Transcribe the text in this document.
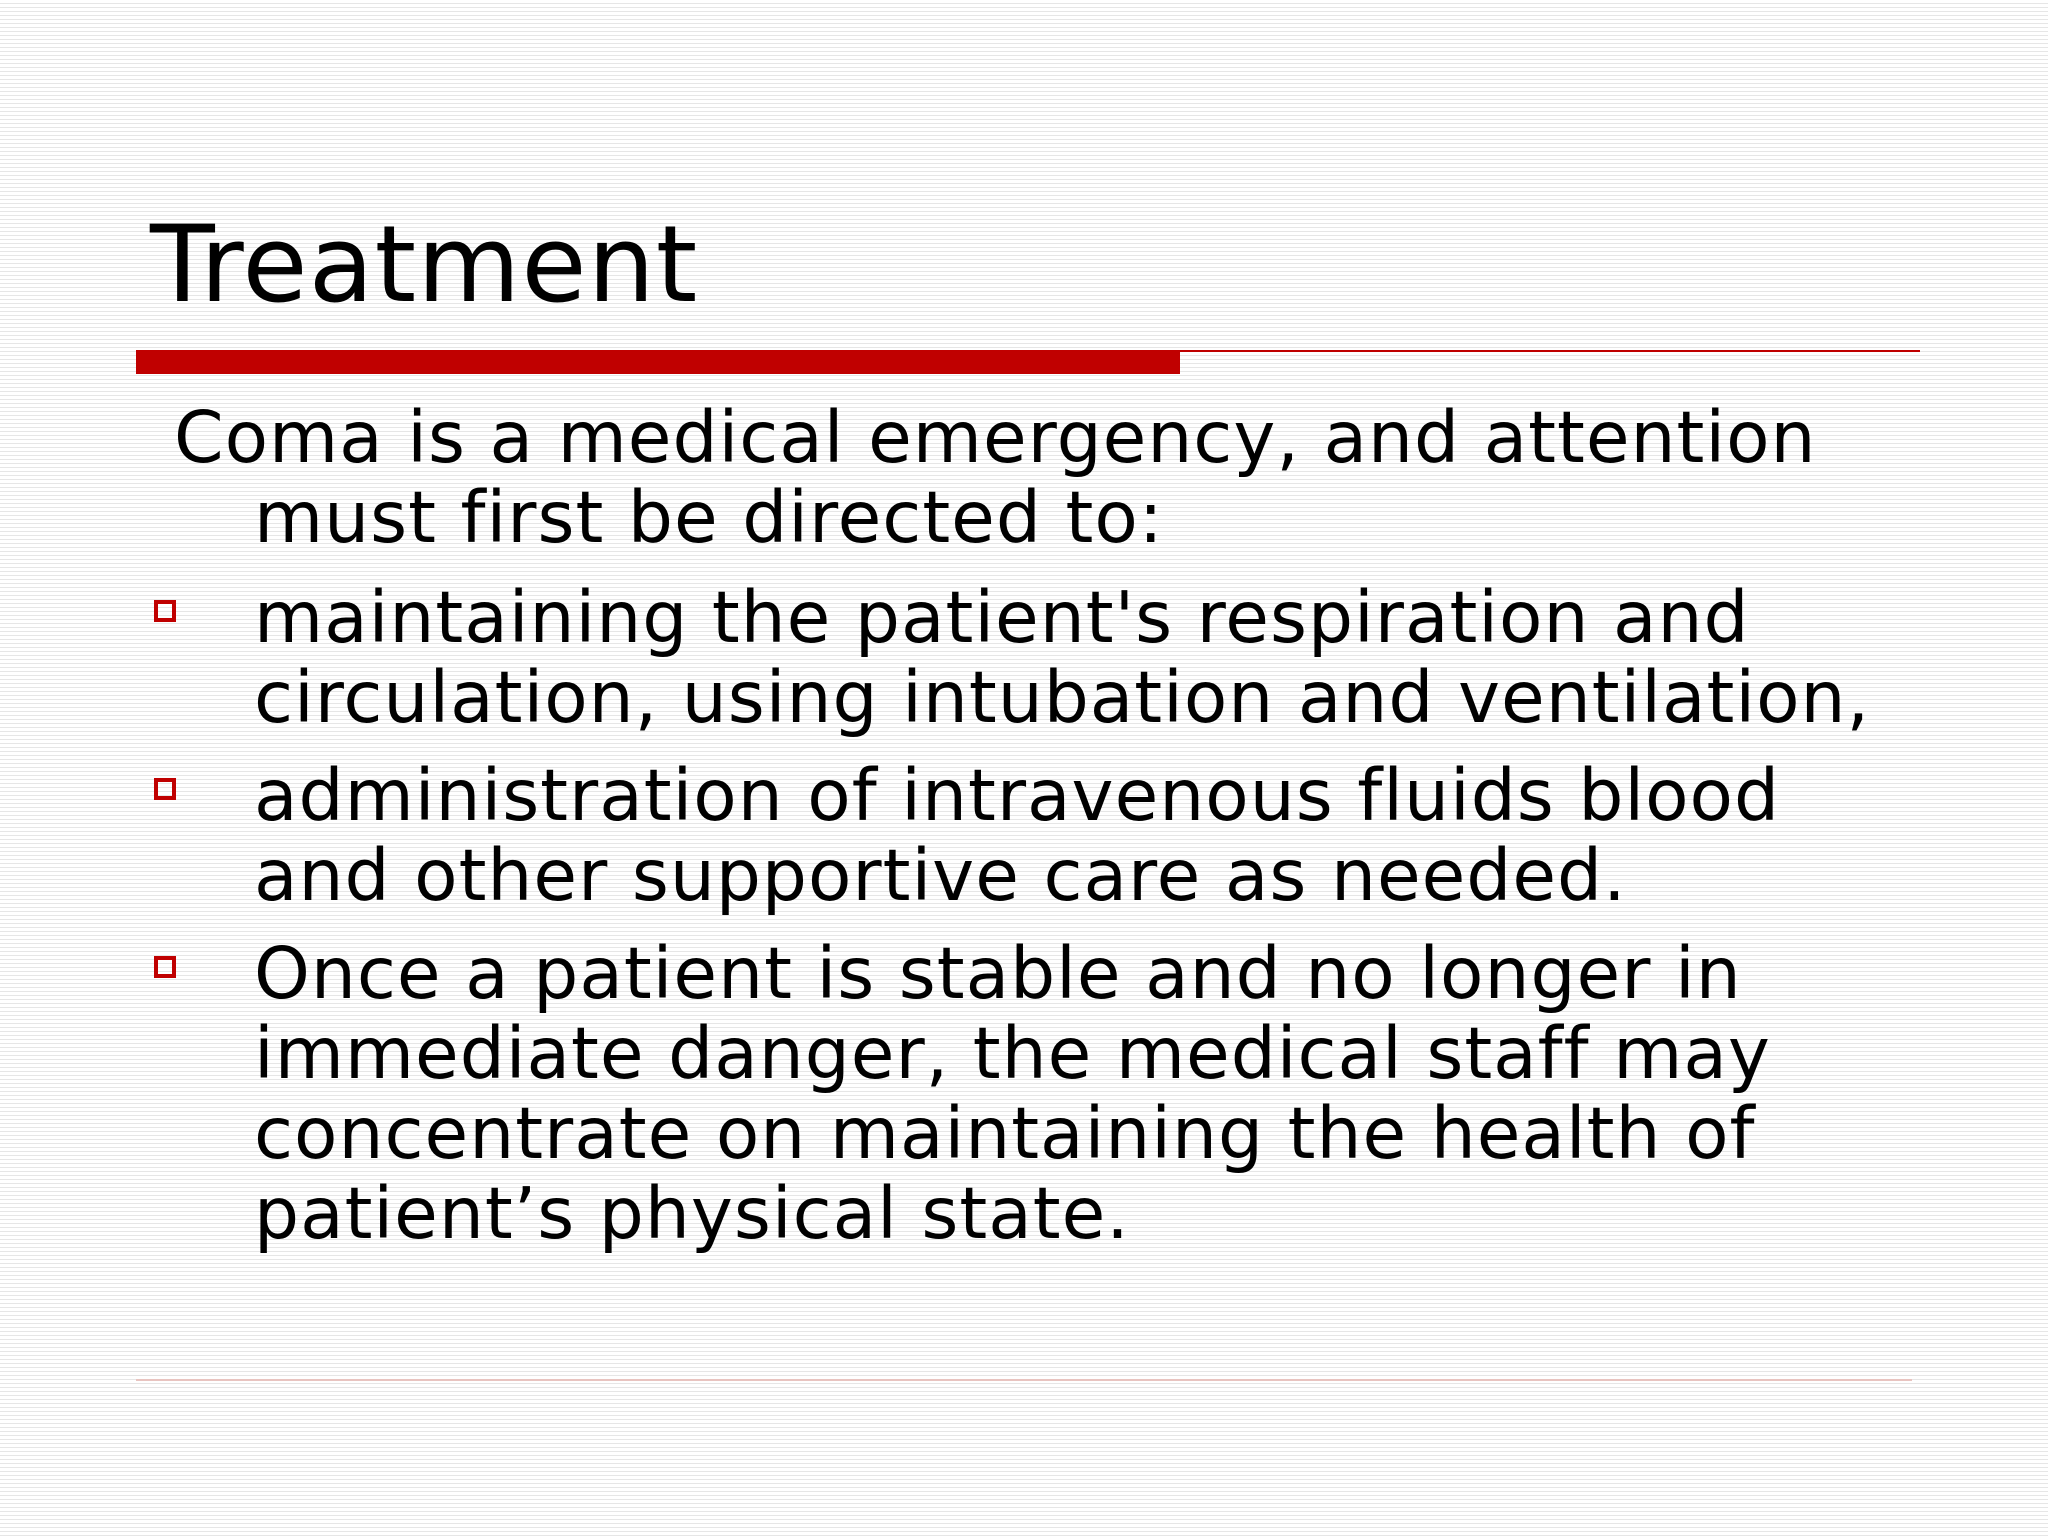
Treatment

Coma is a medical emergency, and attention
must first be directed to:

maintaining the patient's respiration and
circulation, using intubation and ventilation,
administration of intravenous fluids blood
and other supportive care as needed.
Once a patient is stable and no longer in
immediate danger, the medical staff may
concentrate on maintaining the health of
patient’s physical state.
